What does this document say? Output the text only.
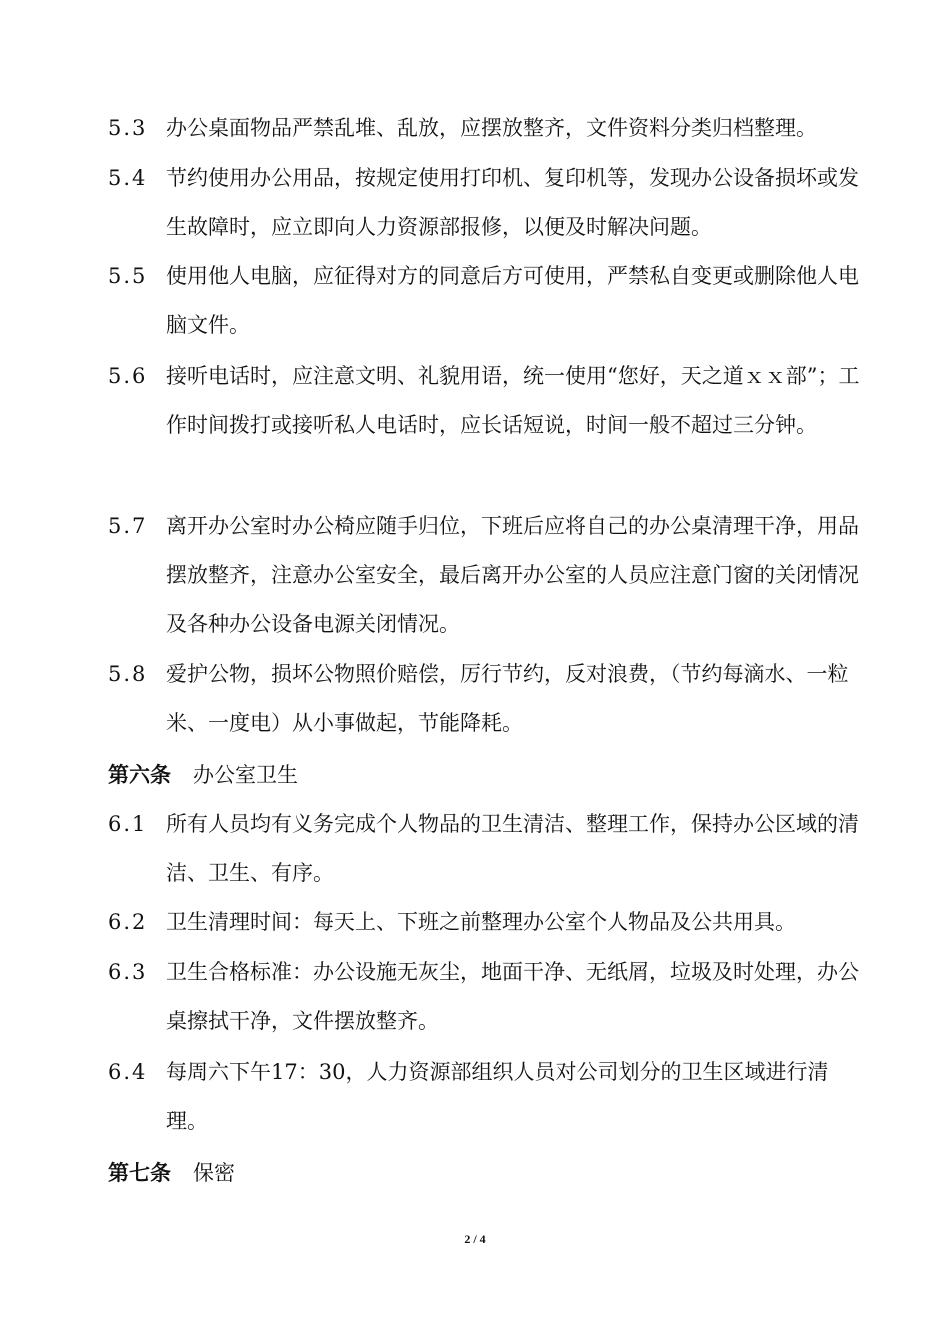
5.3 办公桌面物品严禁乱堆、乱放，应摆放整齐，文件资料分类归档整理。
5.4 节约使用办公用品，按规定使用打印机、复印机等，发现办公设备损坏或发生故障时，应立即向人力资源部报修，以便及时解决问题。
5.5 使用他人电脑，应征得对方的同意后方可使用，严禁私自变更或删除他人电脑文件。
5.6 接听电话时，应注意文明、礼貌用语，统一使用“您好，天之道ｘｘ部”；工作时间拨打或接听私人电话时，应长话短说，时间一般不超过三分钟。
5.7 离开办公室时办公椅应随手归位，下班后应将自己的办公桌清理干净，用品摆放整齐，注意办公室安全，最后离开办公室的人员应注意门窗的关闭情况及各种办公设备电源关闭情况。
5.8 爱护公物，损坏公物照价赔偿，厉行节约，反对浪费，（节约每滴水、一粒米、一度电）从小事做起，节能降耗。
第六条 办公室卫生
6.1 所有人员均有义务完成个人物品的卫生清洁、整理工作，保持办公区域的清洁、卫生、有序。
6.2 卫生清理时间：每天上、下班之前整理办公室个人物品及公共用具。
6.3 卫生合格标准：办公设施无灰尘，地面干净、无纸屑，垃圾及时处理，办公桌擦拭干净，文件摆放整齐。
6.4 每周六下午17：30，人力资源部组织人员对公司划分的卫生区域进行清理。
第七条 保密
2 / 4
